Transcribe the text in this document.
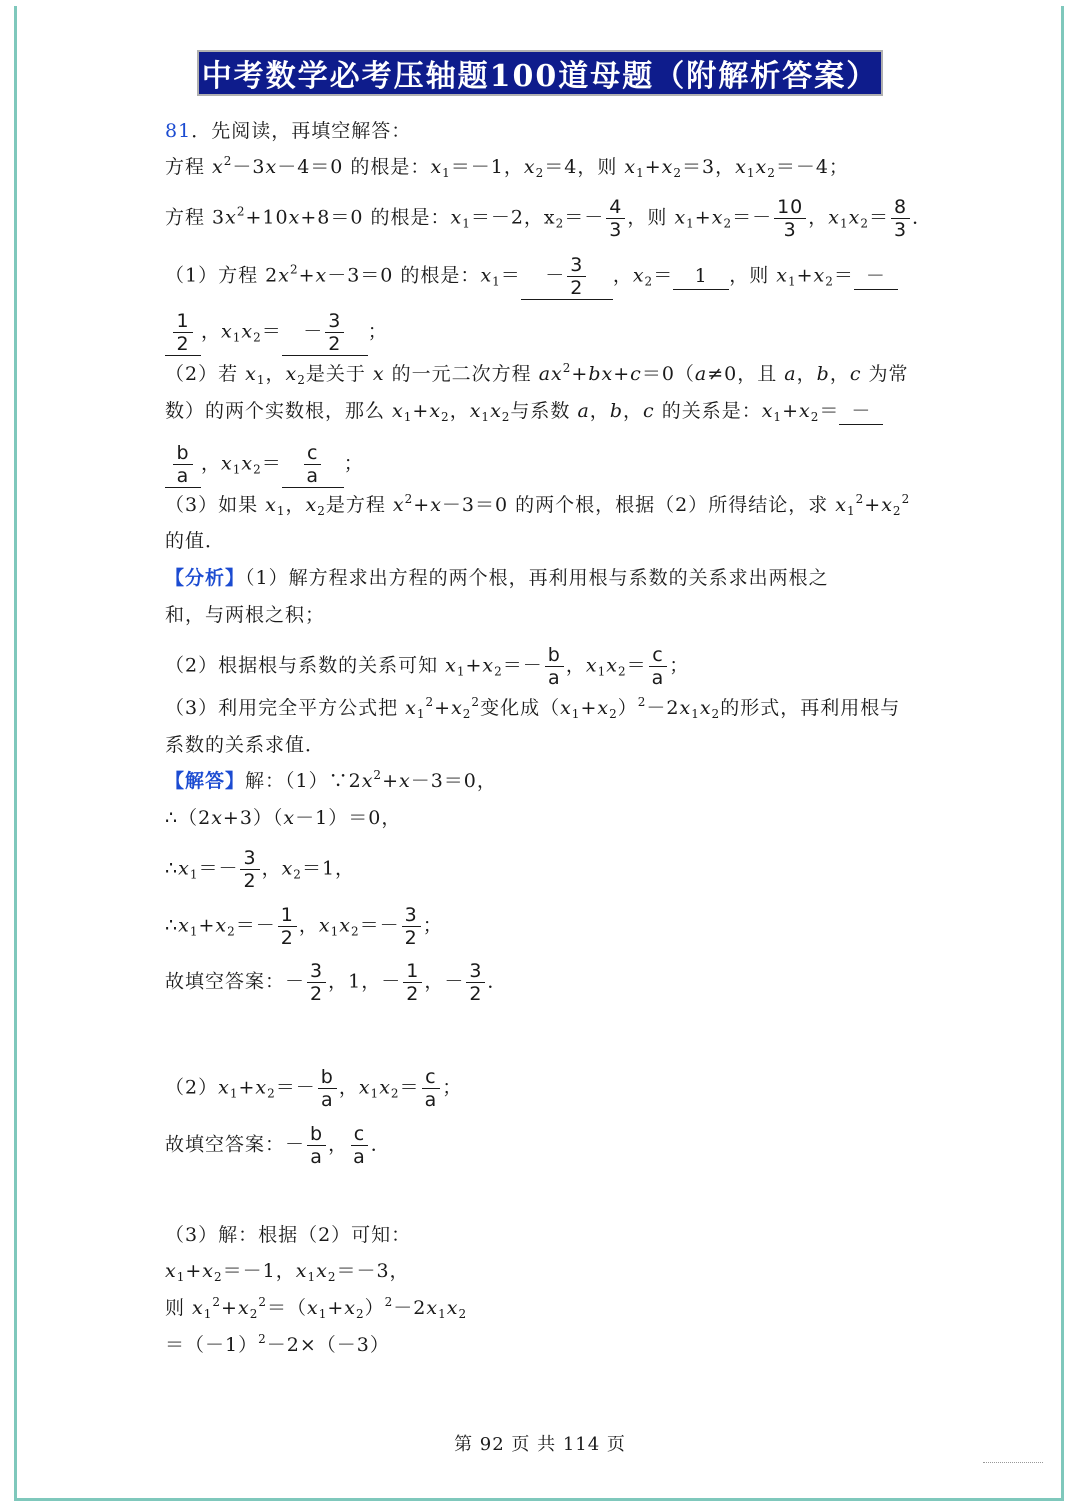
中考数学必考压轴题100道母题（附解析答案）
81．先阅读，再填空解答：
方程 $x^2-3x-4=0$ 的根是：$x_1=-1$，$x_2=4$，则 $x_1+x_2=3$，$x_1x_2=-4$；
方程 $3x^2+10x+8=0$ 的根是：$x_1=-2$，$x_2=- \frac{4}{3}$ ，则 $x_1+x_2=- \frac{10}{3}$ ，$x_1x_2= \frac{8}{3}$ ．
（1）方程 $2x^2+x-3=0$ 的根是：$x_1= - \frac{3}{2}$ ，$x_2= 1$ ，则 $x_1+x_2=$ －
$\frac{1}{2}$ ，$x_1x_2= - \frac{3}{2}$ ；
（2）若 $x_1$，$x_2$是关于 x 的一元二次方程 $ax^2+bx+c=0(a\ne 0$，且 a，b，c 为常
数）的两个实数根，那么 $x_1+x_2$，$x_1x_2$与系数 a，b，c 的关系是：$x_1+x_2=$ －
$\frac{b}{a}$ ，$x_1x_2= \frac{c}{a}$ ；
（3）如果 $x_1$，$x_2$是方程 $x^2+x-3=0$ 的两个根，根据（2）所得结论，求 $x_1^2+x_2^2$
的值．
【分析】（1）解方程求出方程的两个根，再利用根与系数的关系求出两根之
和，与两根之积；
（2）根据根与系数的关系可知 $x_1+x_2=- \frac{b}{a}$ ，$x_1x_2= \frac{c}{a}$ ；
（3）利用完全平方公式把 $x_1^2+x_2^2$变化成$(x_1+x_2)^2-2x_1x_2$的形式，再利用根与
系数的关系求值．
【解答】解：$(1)\because 2x^2+x-3=0$，
∴（2x+3）（x－1）＝0，
$\therefore x_1=- \frac{3}{2}$ ，$x_2=1$，
$\therefore x_1+x_2=- \frac{1}{2}$ ，$x_1x_2=- \frac{3}{2}$ ；
故填空答案：－ $\frac{3}{2}$ ，1，－ $\frac{1}{2}$ ，－ $\frac{3}{2}$ ．
$(2)x_1+x_2=- \frac{b}{a}$ ，$x_1x_2= \frac{c}{a}$ ；
故填空答案：－ $\frac{b}{a}$ ， $\frac{c}{a}$ ．
（3）解：根据（2）可知：
$x_1+x_2=-1$，$x_1x_2=-3$，
则 $x_1^2+x_2^2=(x_1+x_2)^2-2x_1x_2$
$=(-1)^2-2\times(-3)$
第 92 页 共 114 页
